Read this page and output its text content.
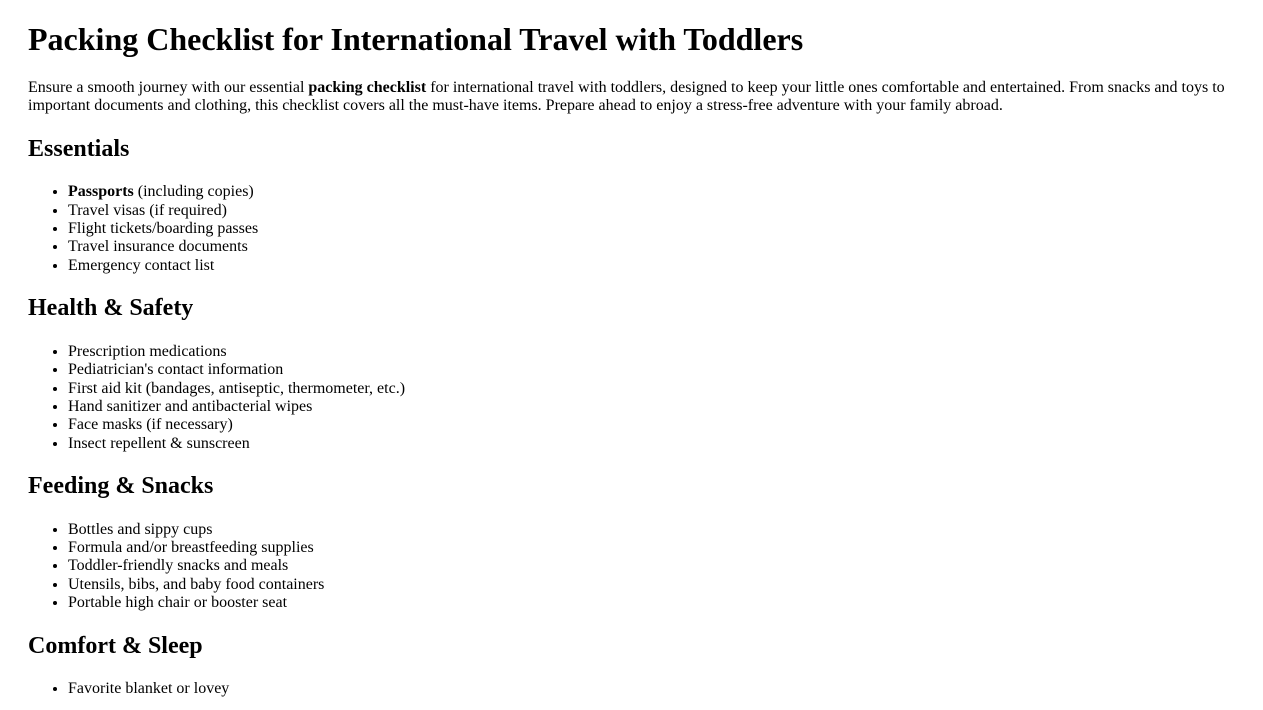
Packing Checklist for International Travel with Toddlers

Ensure a smooth journey with our essential packing checklist for international travel with toddlers, designed to keep your little ones comfortable and entertained. From snacks and toys to important documents and clothing, this checklist covers all the must-have items. Prepare ahead to enjoy a stress-free adventure with your family abroad.

Essentials
• Passports (including copies)
• Travel visas (if required)
• Flight tickets/boarding passes
• Travel insurance documents
• Emergency contact list
Health & Safety
• Prescription medications
• Pediatrician's contact information
• First aid kit (bandages, antiseptic, thermometer, etc.)
• Hand sanitizer and antibacterial wipes
• Face masks (if necessary)
• Insect repellent & sunscreen
Feeding & Snacks
• Bottles and sippy cups
• Formula and/or breastfeeding supplies
• Toddler-friendly snacks and meals
• Utensils, bibs, and baby food containers
• Portable high chair or booster seat
Comfort & Sleep
• Favorite blanket or lovey
